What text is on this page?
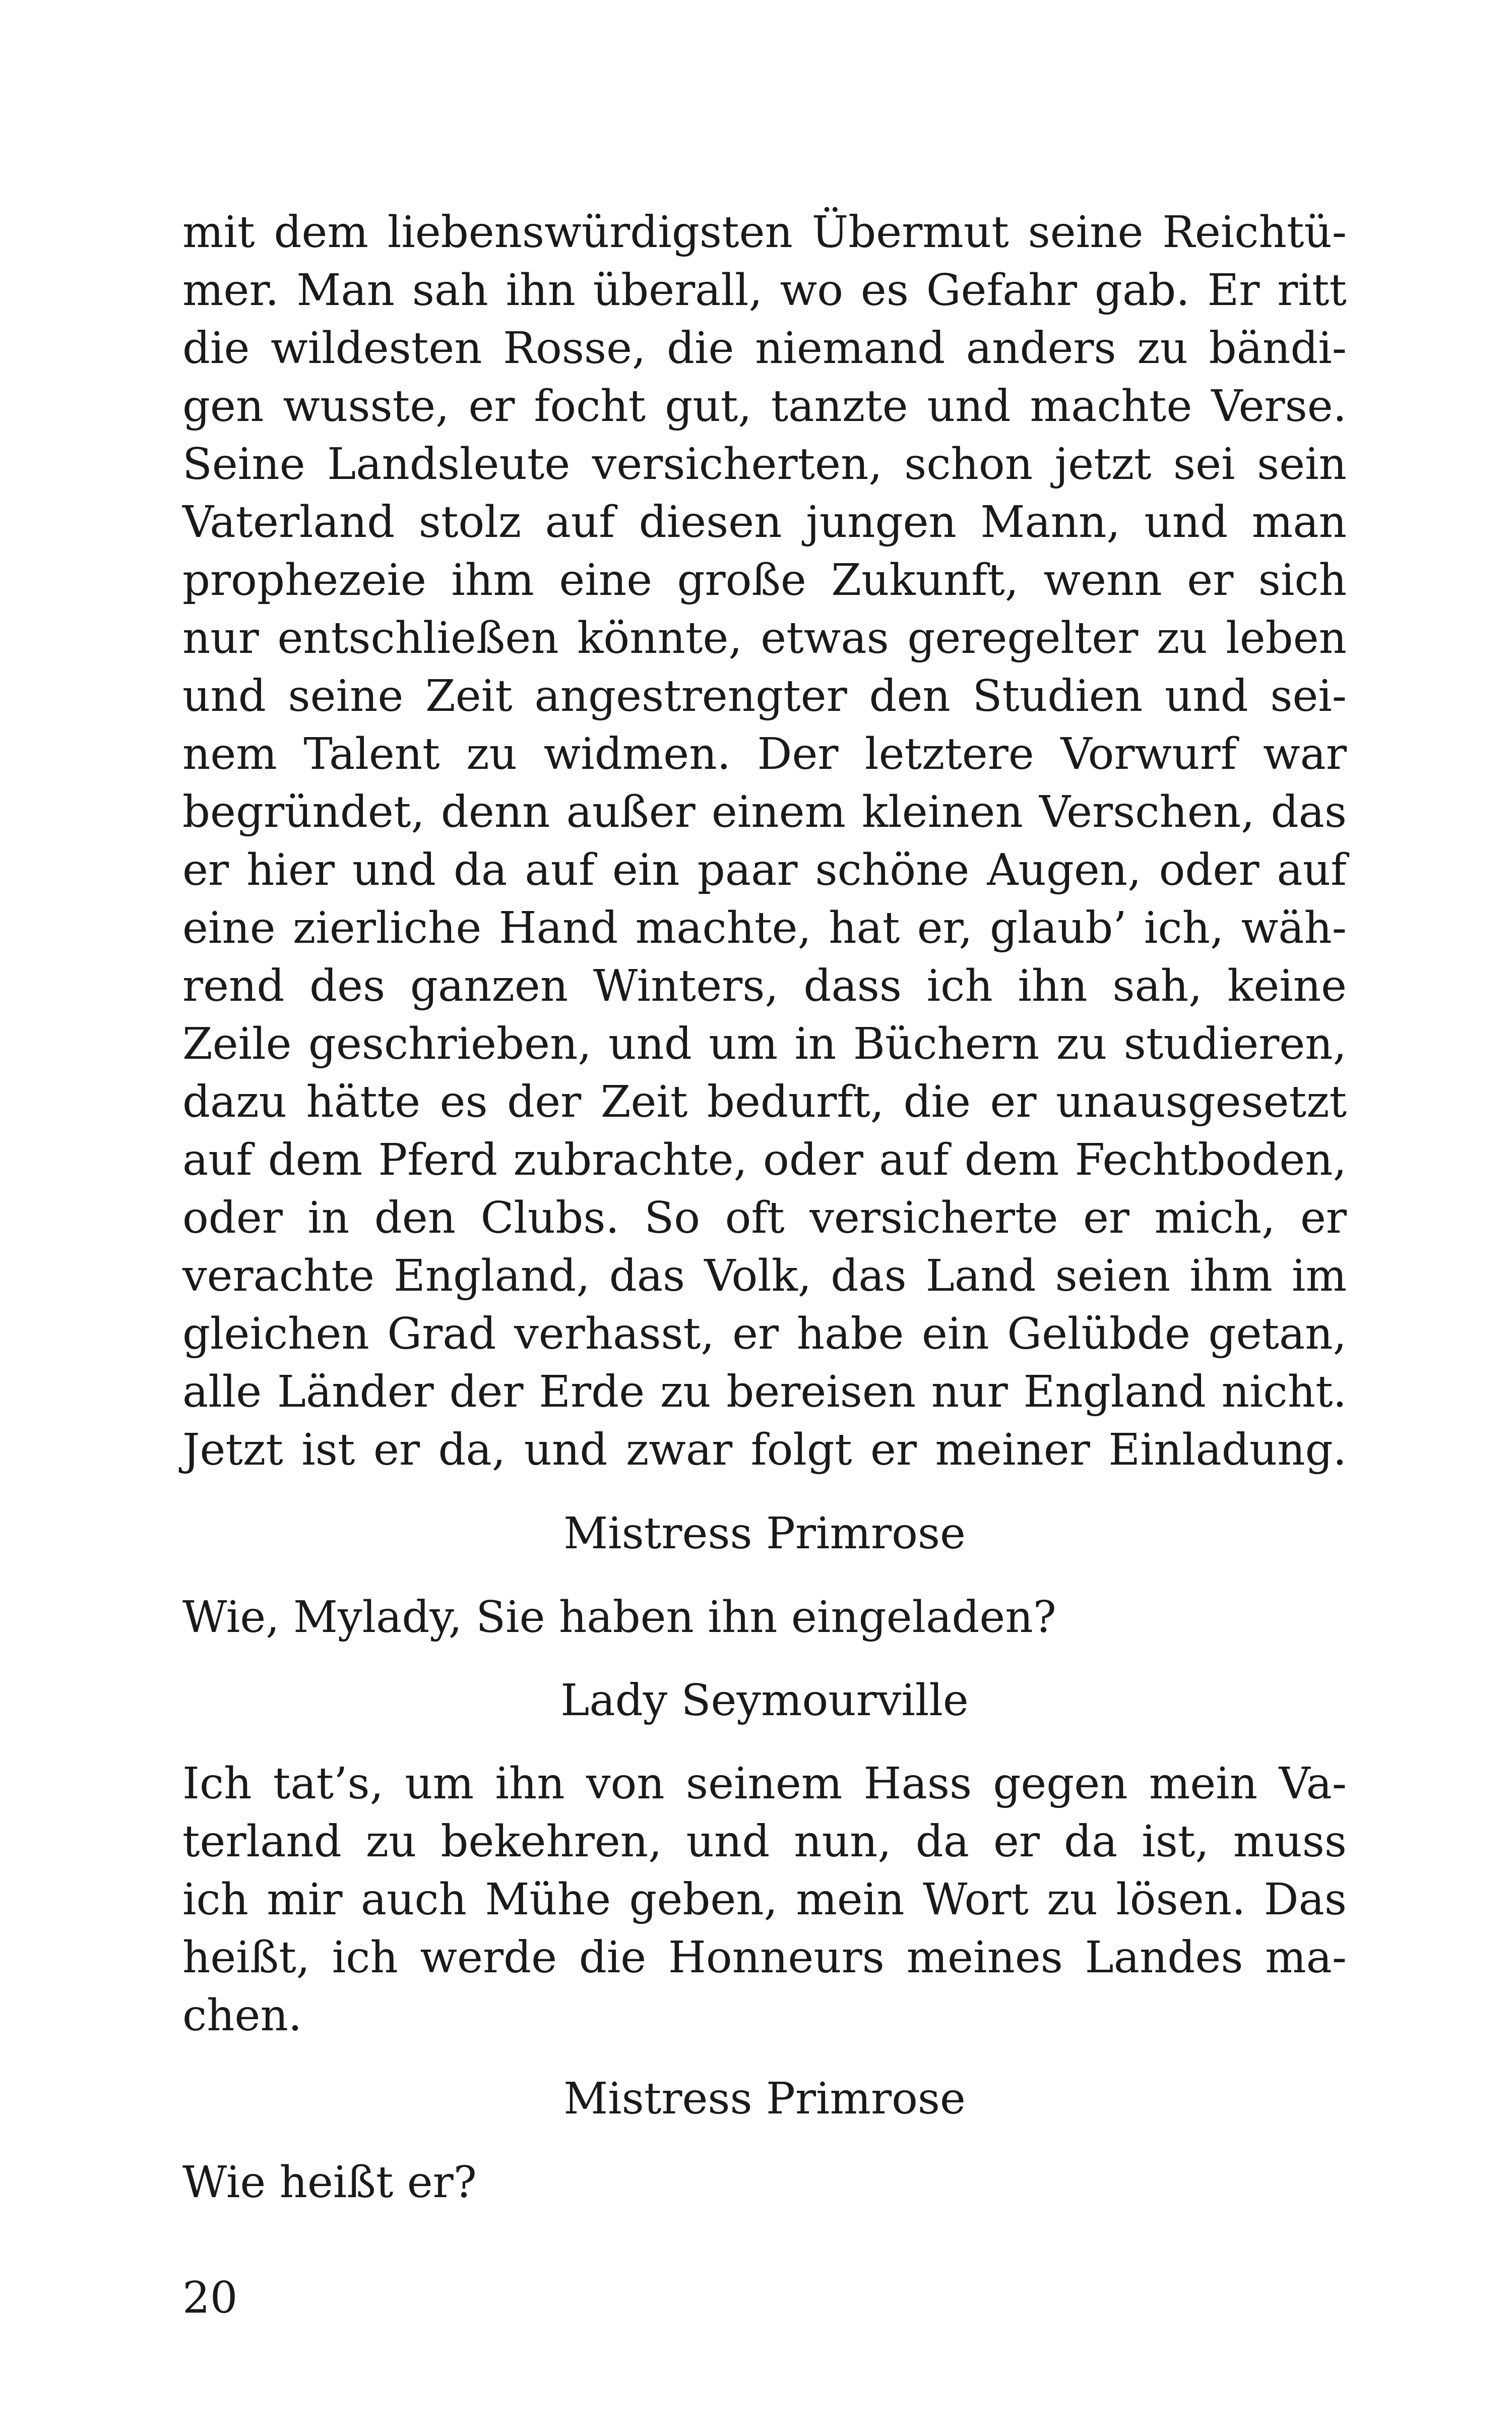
mit dem liebenswürdigsten Übermut seine Reichtü-
mer. Man sah ihn überall, wo es Gefahr gab. Er ritt
die wildesten Rosse, die niemand anders zu bändi-
gen wusste, er focht gut, tanzte und machte Verse.
Seine Landsleute versicherten, schon jetzt sei sein
Vaterland stolz auf diesen jungen Mann, und man
prophezeie ihm eine große Zukunft, wenn er sich
nur entschließen könnte, etwas geregelter zu leben
und seine Zeit angestrengter den Studien und sei-
nem Talent zu widmen. Der letztere Vorwurf war
begründet, denn außer einem kleinen Verschen, das
er hier und da auf ein paar schöne Augen, oder auf
eine zierliche Hand machte, hat er, glaub’ ich, wäh-
rend des ganzen Winters, dass ich ihn sah, keine
Zeile geschrieben, und um in Büchern zu studieren,
dazu hätte es der Zeit bedurft, die er unausgesetzt
auf dem Pferd zubrachte, oder auf dem Fechtboden,
oder in den Clubs. So oft versicherte er mich, er
verachte England, das Volk, das Land seien ihm im
gleichen Grad verhasst, er habe ein Gelübde getan,
alle Länder der Erde zu bereisen nur England nicht.
Jetzt ist er da, und zwar folgt er meiner Einladung.
Mistress Primrose
Wie, Mylady, Sie haben ihn eingeladen?
Lady Seymourville
Ich tat’s, um ihn von seinem Hass gegen mein Va-
terland zu bekehren, und nun, da er da ist, muss
ich mir auch Mühe geben, mein Wort zu lösen. Das
heißt, ich werde die Honneurs meines Landes ma-
chen.
Mistress Primrose
Wie heißt er?
20
